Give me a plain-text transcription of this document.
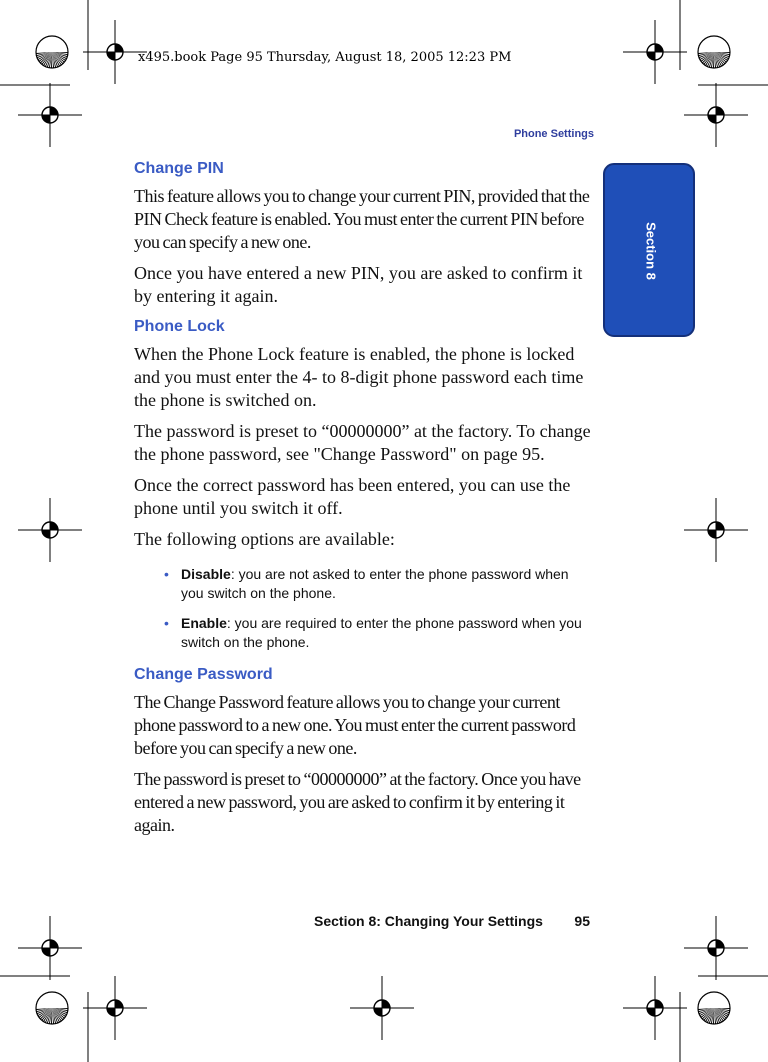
x495.book Page 95 Thursday, August 18, 2005 12:23 PM
Phone Settings
Section 8
Change PIN

This feature allows you to change your current PIN, provided that the PIN Check feature is enabled. You must enter the current PIN before you can specify a new one.

Once you have entered a new PIN, you are asked to confirm it by entering it again.

Phone Lock

When the Phone Lock feature is enabled, the phone is locked and you must enter the 4- to 8-digit phone password each time the phone is switched on.

The password is preset to “00000000” at the factory. To change the phone password, see "Change Password" on page 95.

Once the correct password has been entered, you can use the phone until you switch it off.

The following options are available:

• Disable: you are not asked to enter the phone password when you switch on the phone.
• Enable: you are required to enter the phone password when you switch on the phone.
Change Password

The Change Password feature allows you to change your current phone password to a new one. You must enter the current password before you can specify a new one.

The password is preset to “00000000” at the factory. Once you have entered a new password, you are asked to confirm it by entering it again.

Section 8: Changing Your Settings 95
